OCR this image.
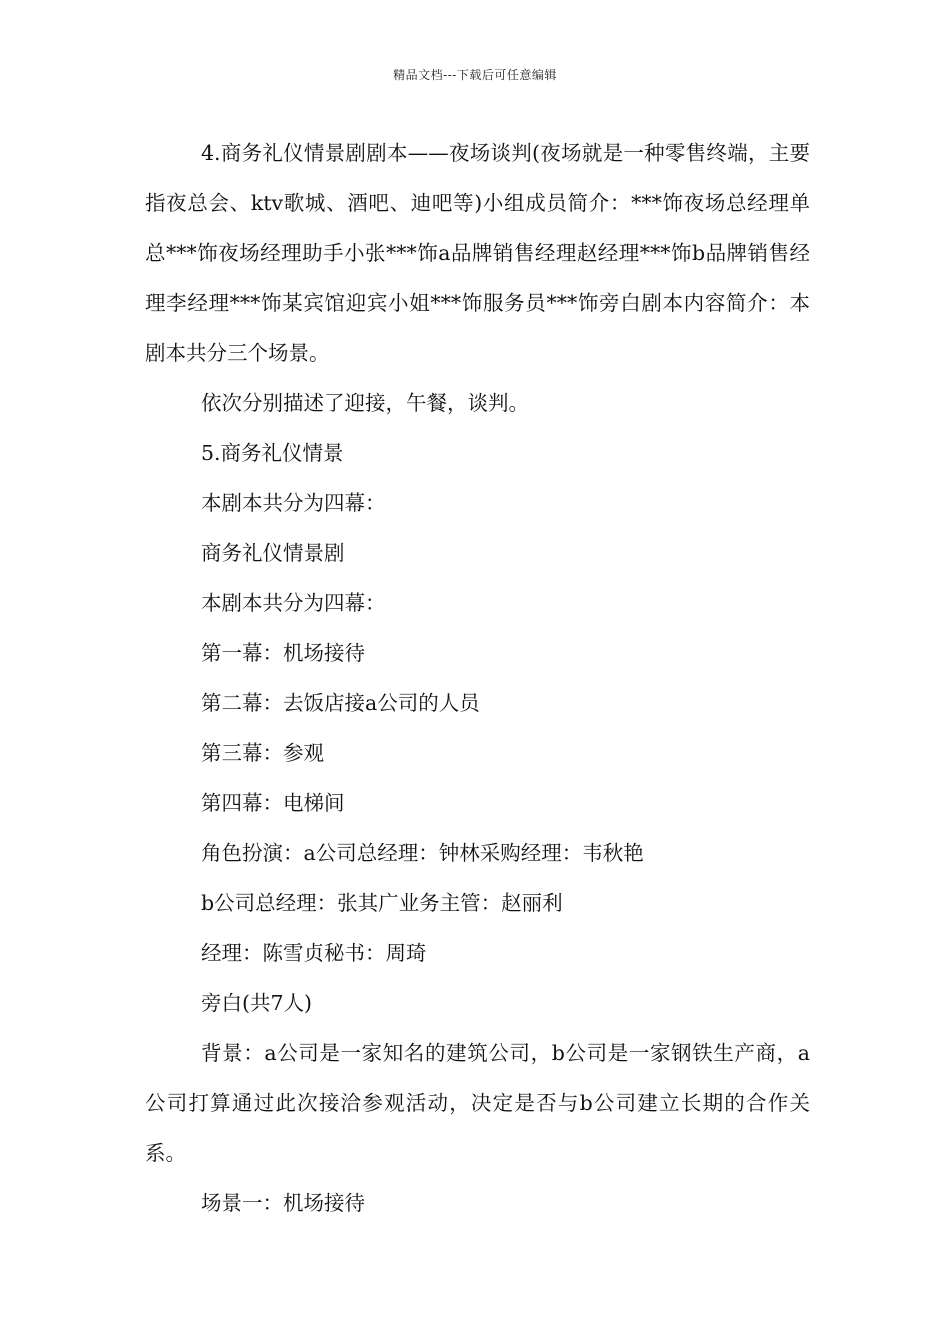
精品文档---下载后可任意编辑

4.商务礼仪情景剧剧本——夜场谈判(夜场就是一种零售终端，主要指夜总会、ktv歌城、酒吧、迪吧等)小组成员简介：***饰夜场总经理单总***饰夜场经理助手小张***饰a品牌销售经理赵经理***饰b品牌销售经理李经理***饰某宾馆迎宾小姐***饰服务员***饰旁白剧本内容简介：本剧本共分三个场景。

依次分别描述了迎接，午餐，谈判。

5.商务礼仪情景

本剧本共分为四幕：

商务礼仪情景剧

本剧本共分为四幕：

第一幕：机场接待

第二幕：去饭店接a公司的人员

第三幕：参观

第四幕：电梯间

角色扮演：a公司总经理：钟林采购经理：韦秋艳

b公司总经理：张其广业务主管：赵丽利

经理：陈雪贞秘书：周琦

旁白(共7人)

背景：a公司是一家知名的建筑公司，b公司是一家钢铁生产商，a公司打算通过此次接洽参观活动，决定是否与b公司建立长期的合作关系。

场景一：机场接待
